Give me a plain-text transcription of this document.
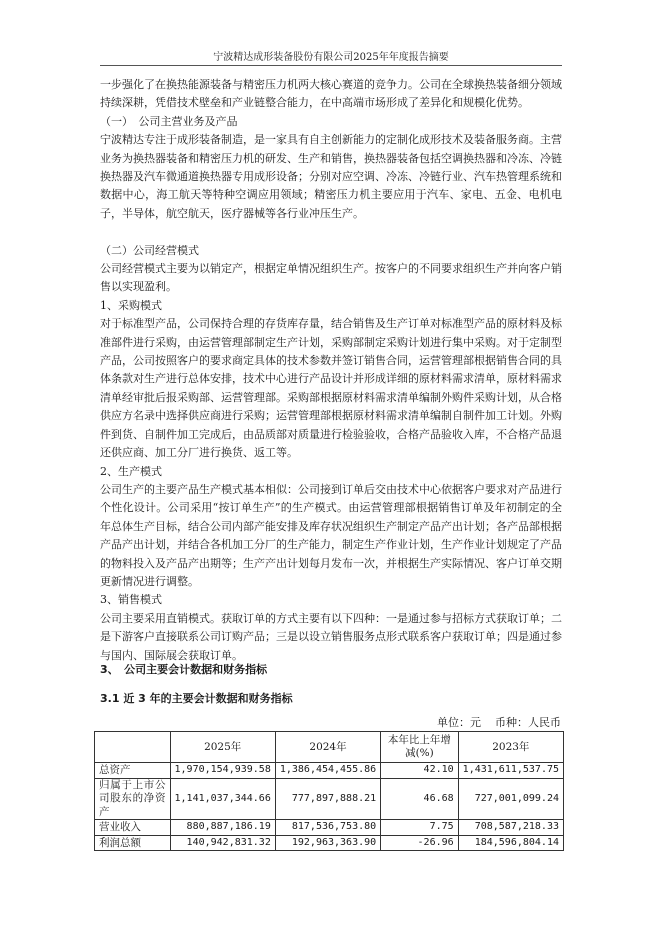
宁波精达成形装备股份有限公司2025年年度报告摘要

一步强化了在换热能源装备与精密压力机两大核心赛道的竞争力。公司在全球换热装备细分领域持续深耕，凭借技术壁垒和产业链整合能力，在中高端市场形成了差异化和规模化优势。

（一）　公司主营业务及产品

宁波精达专注于成形装备制造，是一家具有自主创新能力的定制化成形技术及装备服务商。主营业务为换热器装备和精密压力机的研发、生产和销售，换热器装备包括空调换热器和冷冻、冷链换热器及汽车微通道换热器专用成形设备；分别对应空调、冷冻、冷链行业、汽车热管理系统和数据中心，海工航天等特种空调应用领域；精密压力机主要应用于汽车、家电、五金、电机电子，半导体，航空航天，医疗器械等各行业冲压生产。

（二）公司经营模式

公司经营模式主要为以销定产，根据定单情况组织生产。按客户的不同要求组织生产并向客户销售以实现盈利。

1、采购模式

对于标准型产品，公司保持合理的存货库存量，结合销售及生产订单对标准型产品的原材料及标准部件进行采购，由运营管理部制定生产计划，采购部制定采购计划进行集中采购。对于定制型产品，公司按照客户的要求商定具体的技术参数并签订销售合同，运营管理部根据销售合同的具体条款对生产进行总体安排，技术中心进行产品设计并形成详细的原材料需求清单，原材料需求清单经审批后报采购部、运营管理部。采购部根据原材料需求清单编制外购件采购计划，从合格供应方名录中选择供应商进行采购；运营管理部根据原材料需求清单编制自制件加工计划。外购件到货、自制件加工完成后，由品质部对质量进行检验验收，合格产品验收入库，不合格产品退还供应商、加工分厂进行换货、返工等。

2、生产模式

公司生产的主要产品生产模式基本相似：公司接到订单后交由技术中心依据客户要求对产品进行个性化设计。公司采用“按订单生产”的生产模式。由运营管理部根据销售订单及年初制定的全年总体生产目标，结合公司内部产能安排及库存状况组织生产制定产品产出计划；各产品部根据产品产出计划，并结合各机加工分厂的生产能力，制定生产作业计划，生产作业计划规定了产品的物料投入及产品产出期等；生产产出计划每月发布一次，并根据生产实际情况、客户订单交期更新情况进行调整。

3、销售模式

公司主要采用直销模式。获取订单的方式主要有以下四种：一是通过参与招标方式获取订单；二是下游客户直接联系公司订购产品；三是以设立销售服务点形式联系客户获取订单；四是通过参与国内、国际展会获取订单。

3、　公司主要会计数据和财务指标
3.1 近 3 年的主要会计数据和财务指标
单位：元 币种：人民币
	2025年	2024年	本年比上年增减(%)	2023年
总资产	1,970,154,939.58	1,386,454,455.86	42.10	1,431,611,537.75
归属于上市公司股东的净资产	1,141,037,344.66	777,897,888.21	46.68	727,001,099.24
营业收入	880,887,186.19	817,536,753.80	7.75	708,587,218.33
利润总额	140,942,831.32	192,963,363.90	-26.96	184,596,804.14
